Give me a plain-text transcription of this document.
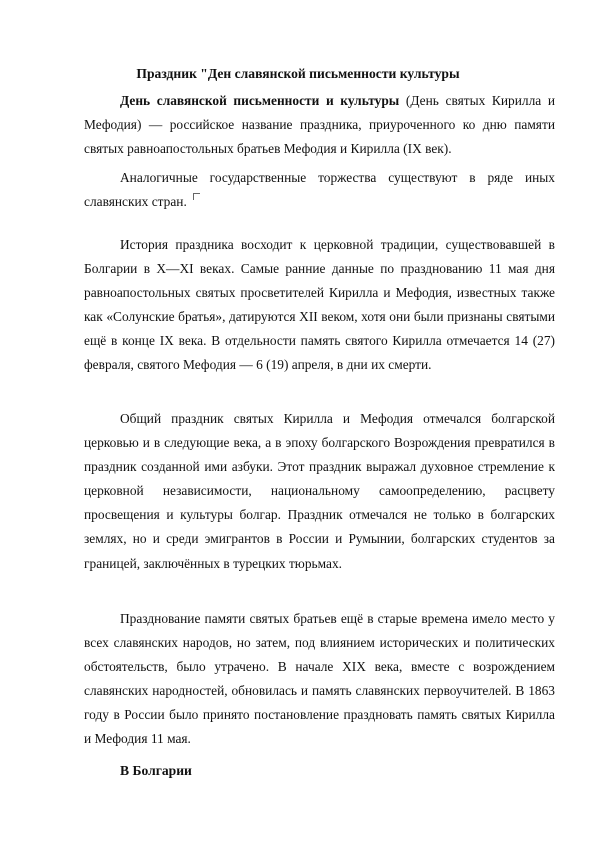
Праздник "Ден славянской письменности культуры

День славянской письменности и культуры (День святых Кирилла и Мефодия) — российское название праздника, приуроченного ко дню памяти святых равноапостольных братьев Мефодия и Кирилла (IX век).

Аналогичные государственные торжества существуют в ряде иных славянских стран.

История праздника восходит к церковной традиции, существовавшей в Болгарии в X—XI веках. Самые ранние данные по празднованию 11 мая дня равноапостольных святых просветителей Кирилла и Мефодия, известных также как «Солунские братья», датируются XII веком, хотя они были признаны святыми ещё в конце IX века. В отдельности память святого Кирилла отмечается 14 (27) февраля, святого Мефодия — 6 (19) апреля, в дни их смерти.

Общий праздник святых Кирилла и Мефодия отмечался болгарской церковью и в следующие века, а в эпоху болгарского Возрождения превратился в праздник созданной ими азбуки. Этот праздник выражал духовное стремление к церковной независимости, национальному самоопределению, расцвету просвещения и культуры болгар. Праздник отмечался не только в болгарских землях, но и среди эмигрантов в России и Румынии, болгарских студентов за границей, заключённых в турецких тюрьмах.

Празднование памяти святых братьев ещё в старые времена имело место у всех славянских народов, но затем, под влиянием исторических и политических обстоятельств, было утрачено. В начале XIX века, вместе с возрождением славянских народностей, обновилась и память славянских первоучителей. В 1863 году в России было принято постановление праздновать память святых Кирилла и Мефодия 11 мая.

В Болгарии
